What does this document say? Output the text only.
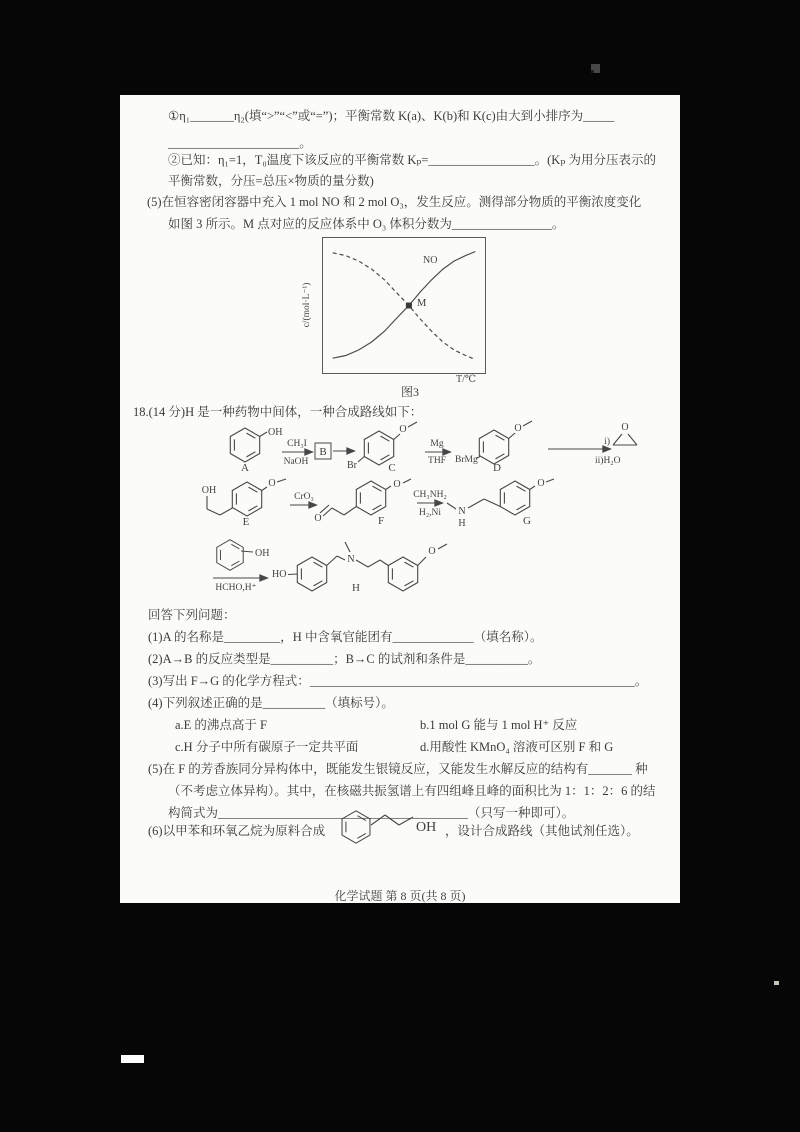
①η₁_______η₂(填“>”“<”或“=”)；平衡常数 K(a)、K(b)和 K(c)由大到小排序为_____
_____________________。
②已知：η₁=1，T₀温度下该反应的平衡常数 Kₚ=_________________。(Kₚ 为用分压表示的
平衡常数，分压=总压×物质的量分数)
(5)在恒容密闭容器中充入 1 mol NO 和 2 mol O₃，发生反应。测得部分物质的平衡浓度变化
如图 3 所示。M 点对应的反应体系中 O₃ 体积分数为________________。
c/(mol·L⁻¹)
T/℃
NO
M
图3
18.(14 分)H 是一种药物中间体，一种合成路线如下：
OH
A
CH₃I
NaOH
B
O
Br	C
Mg
THF BrMg
O
D
i)
O
ii)H₂O
OH
O
E
CrO₃
O
O
F
CH₃NH₂
H₂,Ni N
H
O
G
OH
HCHO,H⁺
HO
N
H
O
回答下列问题：
(1)A 的名称是_________，H 中含氧官能团有_____________（填名称）。
(2)A→B 的反应类型是__________；B→C 的试剂和条件是__________。
(3)写出 F→G 的化学方程式：____________________________________________________。
(4)下列叙述正确的是__________（填标号）。
a.E 的沸点高于 F	b.1 mol G 能与 1 mol H⁺ 反应
c.H 分子中所有碳原子一定共平面	d.用酸性 KMnO₄ 溶液可区别 F 和 G
(5)在 F 的芳香族同分异构体中，既能发生银镜反应，又能发生水解反应的结构有_______ 种
（不考虑立体异构）。其中，在核磁共振氢谱上有四组峰且峰的面积比为 1：1：2：6 的结
构简式为________________________________________（只写一种即可）。
(6)以甲苯和环氧乙烷为原料合成	OH ，设计合成路线（其他试剂任选）。
化学试题 第 8 页(共 8 页)
